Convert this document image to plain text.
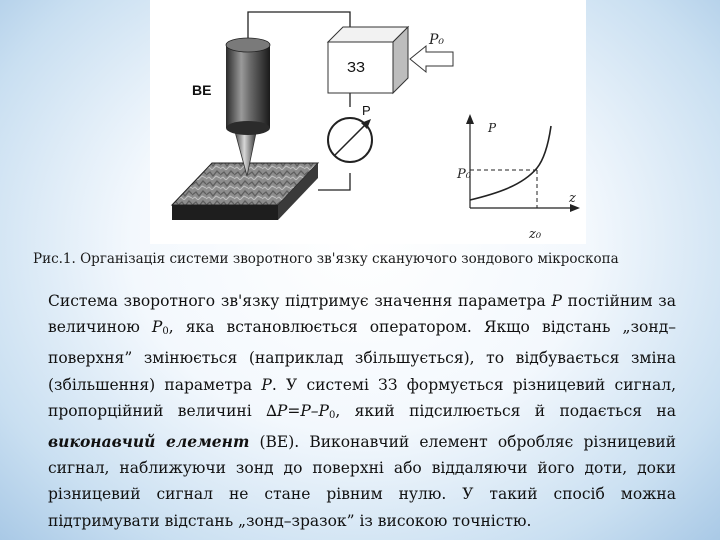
ВЕ
ЗЗ
P₀
P
P
P₀
z
z₀
Рис.1. Організація системи зворотного зв'язку скануючого зондового мікроскопа
Система зворотного зв'язку підтримує значення параметра P постійним за величиною $P_0$, яка встановлюється оператором. Якщо відстань „зонд–поверхня” змінюється (наприклад збільшується), то відбувається зміна (збільшення) параметра P. У системі ЗЗ формується різницевий сигнал, пропорційний величині $\Delta P=P-P_0$, який підсилюється й подається на виконавчий елемент (ВЕ). Виконавчий елемент обробляє різницевий сигнал, наближуючи зонд до поверхні або віддаляючи його доти, доки різницевий сигнал не стане рівним нулю. У такий спосіб можна підтримувати відстань „зонд–зразок” із високою точністю.
